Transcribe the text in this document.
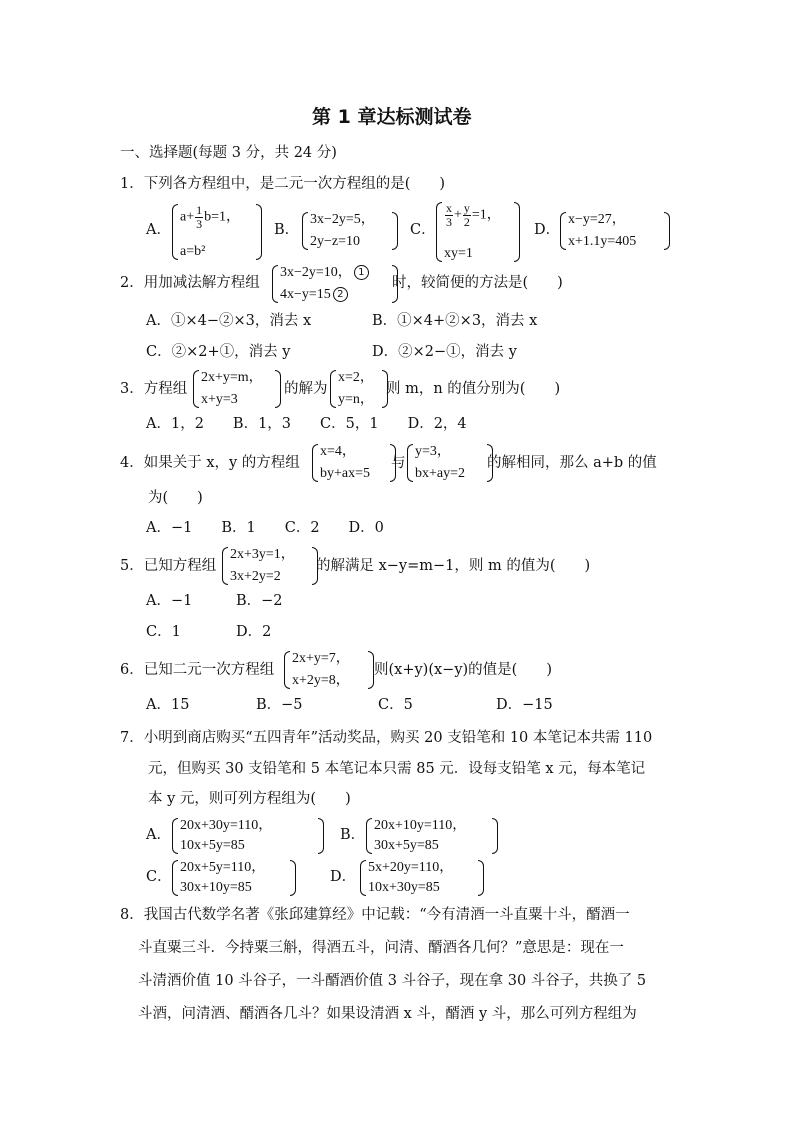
第 1 章达标测试卷
一、选择题(每题 3 分，共 24 分)
1．下列各方程组中，是二元一次方程组的是(　　)
A．
$a+ \frac{1}{3} b=1$，
a=b²
B．
3x−2y=5，
2y−z=10
C．
$\frac{x}{3} + \frac{y}{2} =1$，
xy=1
D．
x−y=27，
x+1.1y=405
2．用加减法解方程组
3x−2y=10， 1
4x−y=15 2
时，较简便的方法是(　　)
A．①×4−②×3，消去 x	B．①×4+②×3，消去 x
C．②×2+①，消去 y	D．②×2−①，消去 y
3．方程组
2x+y=m，
x+y=3
的解为
x=2，
y=n，
则 m，n 的值分别为(　　)
A．1，2　　B．1，3　　C．5，1　　D．2，4
4．如果关于 x，y 的方程组
x=4，
by+ax=5
与
y=3，
bx+ay=2
的解相同，那么 a+b 的值
为(　　)
A．−1　　B．1　　C．2　　D．0
5．已知方程组
2x+3y=1，
3x+2y=2
的解满足 x−y=m−1，则 m 的值为(　　)
A．−1	B．−2
C．1	D．2
6．已知二元一次方程组
2x+y=7，
x+2y=8，
则(x+y)(x−y)的值是(　　)
A．15	B．−5	C．5	D．−15
7．小明到商店购买“五四青年”活动奖品，购买 20 支铅笔和 10 本笔记本共需 110
元，但购买 30 支铅笔和 5 本笔记本只需 85 元．设每支铅笔 x 元，每本笔记
本 y 元，则可列方程组为(　　)
A．
20x+30y=110，
10x+5y=85
B．
20x+10y=110，
30x+5y=85
C．
20x+5y=110，
30x+10y=85
D．
5x+20y=110，
10x+30y=85
8．我国古代数学名著《张邱建算经》中记载：“今有清酒一斗直粟十斗，醑酒一
斗直粟三斗．今持粟三斛，得酒五斗，问清、醑酒各几何？”意思是：现在一
斗清酒价值 10 斗谷子，一斗醑酒价值 3 斗谷子，现在拿 30 斗谷子，共换了 5
斗酒，问清酒、醑酒各几斗？如果设清酒 x 斗，醑酒 y 斗，那么可列方程组为
